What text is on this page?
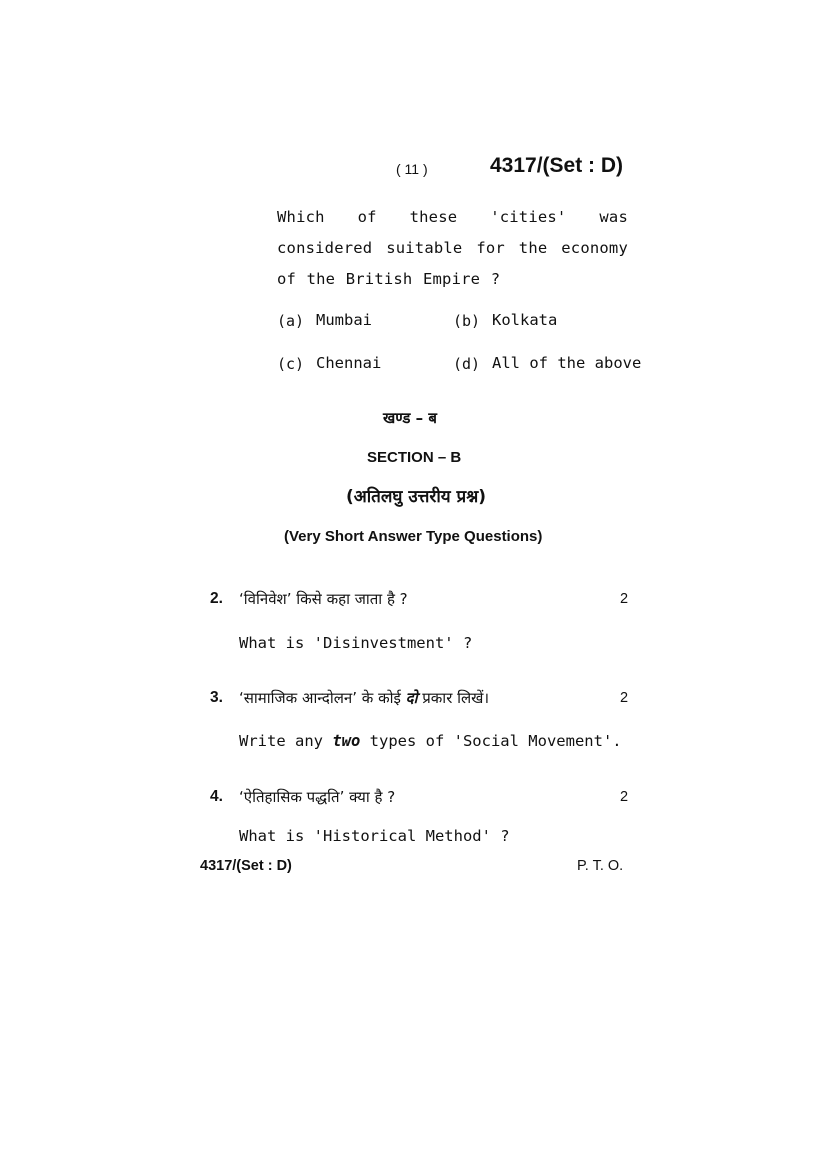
( 11 )	4317/(Set : D)
Which of these 'cities' was considered suitable for the economy of the British Empire ?
(a) Mumbai	(b) Kolkata
(c) Chennai	(d) All of the above
खण्ड – ब
SECTION – B
(अतिलघु उत्तरीय प्रश्न)
(Very Short Answer Type Questions)
2. ‘विनिवेश’ किसे कहा जाता है ?	2
What is 'Disinvestment' ?
3. ‘सामाजिक आन्दोलन’ के कोई दो प्रकार लिखें।	2
Write any two types of 'Social Movement'.
4. ‘ऐतिहासिक पद्धति’ क्या है ?	2
What is 'Historical Method' ?
4317/(Set : D)	P. T. O.
